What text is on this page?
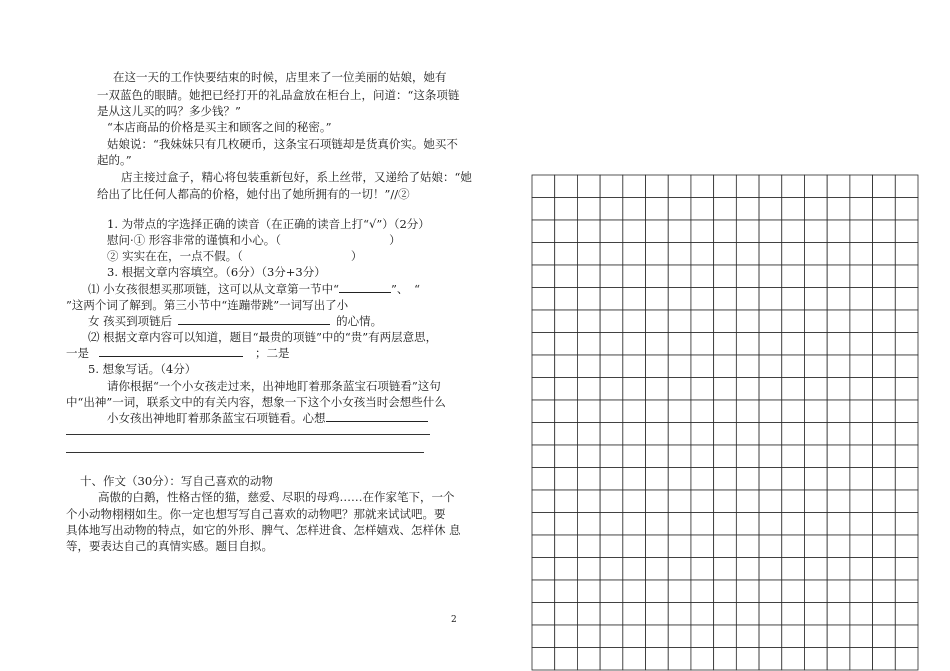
在这一天的工作快要结束的时候，店里来了一位美丽的姑娘，她有
一双蓝色的眼睛。她把已经打开的礼品盒放在柜台上，问道：“这条项链
是从这儿买的吗？多少钱？”
“本店商品的价格是买主和顾客之间的秘密。”
姑娘说：“我妹妹只有几枚硬币，这条宝石项链却是货真价实。她买不
起的。”
店主接过盒子，精心将包装重新包好，系上丝带，又递给了姑娘：“她
给出了比任何人都高的价格，她付出了她所拥有的一切！”//②
1. 为带点的字选择正确的读音（在正确的读音上打“√”）（2分）
慰问·① 形容非常的谨慎和小心。（	）
② 实实在在，一点不假。（	）
3. 根据文章内容填空。（6分）（3分+3分）
⑴ 小女孩很想买那项链，这可以从文章第一节中“	”、　“
”这两个词了解到。第三小节中“连蹦带跳”一词写出了小
女 孩买到项链后	的心情。
⑵ 根据文章内容可以知道，题目“最贵的项链”中的“贵”有两层意思，
一是	；二是
5. 想象写话。（4分）
请你根据“一个小女孩走过来，出神地盯着那条蓝宝石项链看”这句
中“出神”一词，联系文中的有关内容，想象一下这个小女孩当时会想些什么
小女孩出神地盯着那条蓝宝石项链看。心想
十、作文（30分）：写自己喜欢的动物
高傲的白鹅，性格古怪的猫，慈爱、尽职的母鸡……在作家笔下，一个
个小动物栩栩如生。你一定也想写写自己喜欢的动物吧？那就来试试吧。要
具体地写出动物的特点，如它的外形、脾气、怎样进食、怎样嬉戏、怎样休 息
等，要表达自己的真情实感。题目自拟。
2
